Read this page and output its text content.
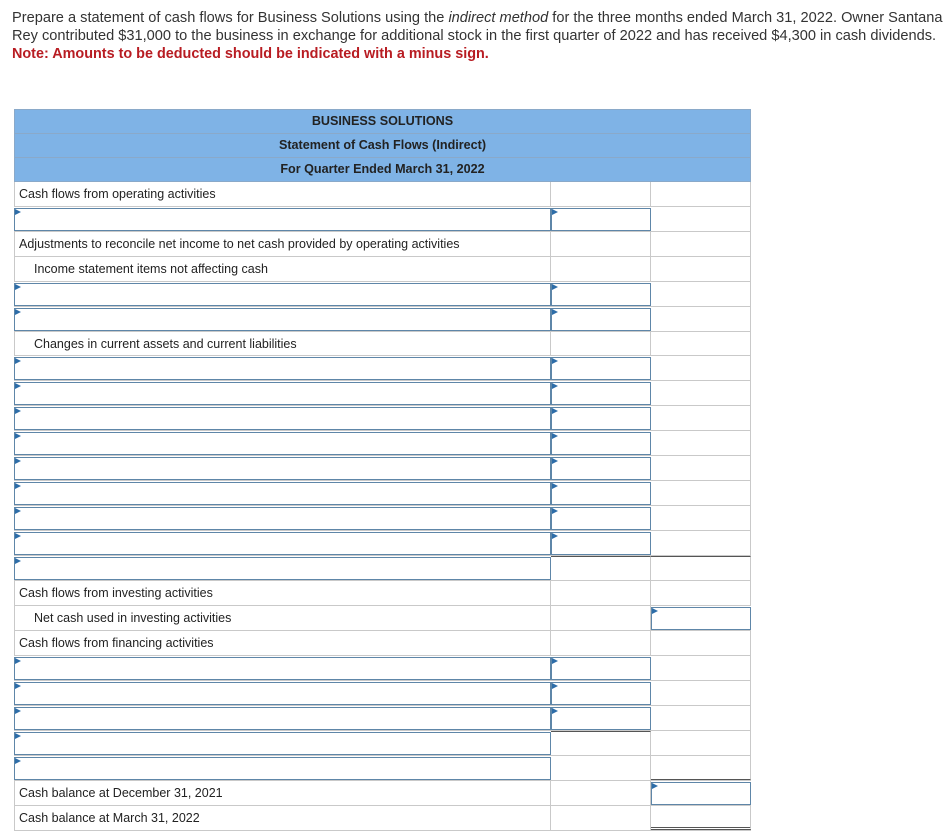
Prepare a statement of cash flows for Business Solutions using the indirect method for the three months ended March 31, 2022. Owner Santana Rey contributed $31,000 to the business in exchange for additional stock in the first quarter of 2022 and has received $4,300 in cash dividends.
Note: Amounts to be deducted should be indicated with a minus sign.
BUSINESS SOLUTIONS
Statement of Cash Flows (Indirect)
For Quarter Ended March 31, 2022
Cash flows from operating activities
Adjustments to reconcile net income to net cash provided by operating activities
Income statement items not affecting cash
Changes in current assets and current liabilities
Cash flows from investing activities
Net cash used in investing activities
Cash flows from financing activities
Cash balance at December 31, 2021
Cash balance at March 31, 2022
